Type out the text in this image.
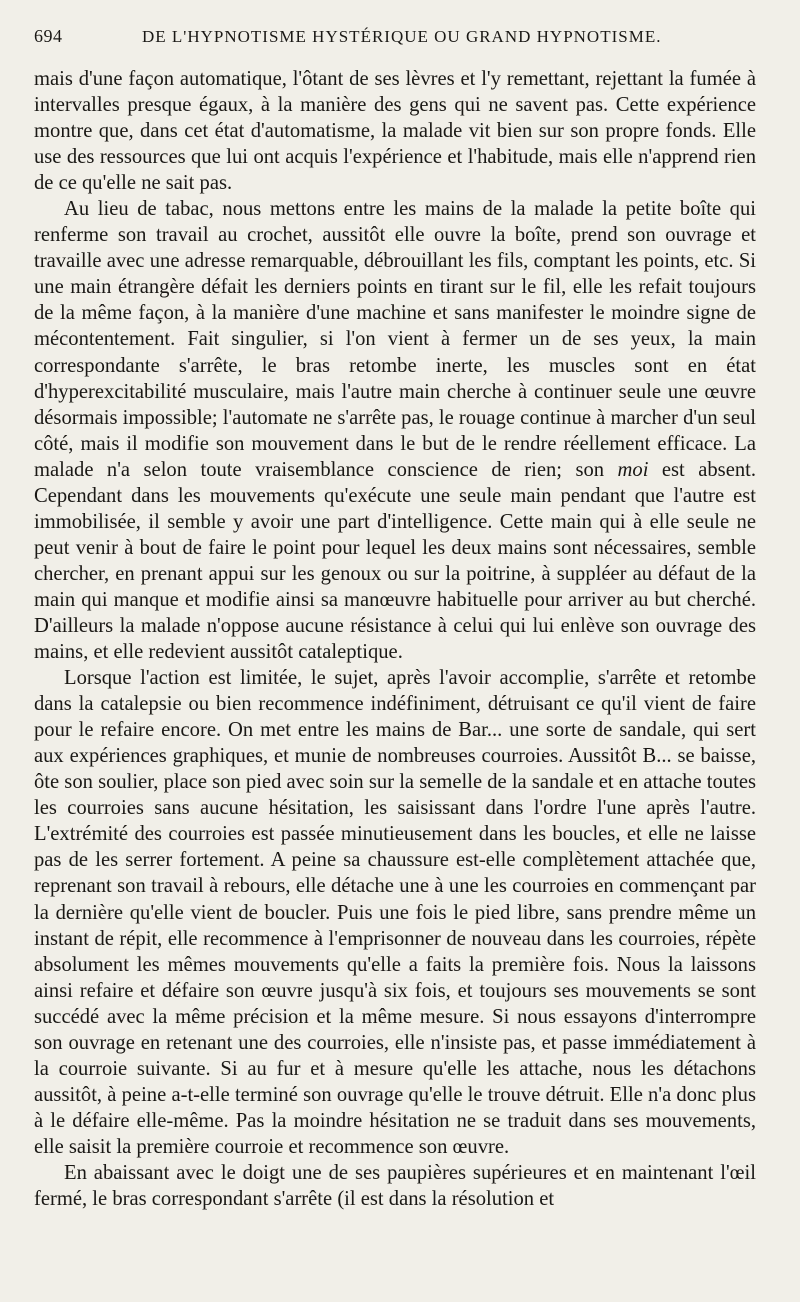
694	DE L'HYPNOTISME HYSTÉRIQUE OU GRAND HYPNOTISME.

mais d'une façon automatique, l'ôtant de ses lèvres et l'y remettant, rejettant la fumée à intervalles presque égaux, à la manière des gens qui ne savent pas. Cette expérience montre que, dans cet état d'automatisme, la malade vit bien sur son propre fonds. Elle use des ressources que lui ont acquis l'expérience et l'habitude, mais elle n'apprend rien de ce qu'elle ne sait pas.

Au lieu de tabac, nous mettons entre les mains de la malade la petite boîte qui renferme son travail au crochet, aussitôt elle ouvre la boîte, prend son ouvrage et travaille avec une adresse remarquable, débrouillant les fils, comptant les points, etc. Si une main étrangère défait les derniers points en tirant sur le fil, elle les refait toujours de la même façon, à la manière d'une machine et sans manifester le moindre signe de mécontentement. Fait singulier, si l'on vient à fermer un de ses yeux, la main correspondante s'arrête, le bras retombe inerte, les muscles sont en état d'hyperexcitabilité musculaire, mais l'autre main cherche à continuer seule une œuvre désormais impossible; l'automate ne s'arrête pas, le rouage continue à marcher d'un seul côté, mais il modifie son mouvement dans le but de le rendre réellement efficace. La malade n'a selon toute vraisemblance conscience de rien; son moi est absent. Cependant dans les mouvements qu'exécute une seule main pendant que l'autre est immobilisée, il semble y avoir une part d'intelligence. Cette main qui à elle seule ne peut venir à bout de faire le point pour lequel les deux mains sont nécessaires, semble chercher, en prenant appui sur les genoux ou sur la poitrine, à suppléer au défaut de la main qui manque et modifie ainsi sa manœuvre habituelle pour arriver au but cherché. D'ailleurs la malade n'oppose aucune résistance à celui qui lui enlève son ouvrage des mains, et elle redevient aussitôt cataleptique.

Lorsque l'action est limitée, le sujet, après l'avoir accomplie, s'arrête et retombe dans la catalepsie ou bien recommence indéfiniment, détruisant ce qu'il vient de faire pour le refaire encore. On met entre les mains de Bar... une sorte de sandale, qui sert aux expériences graphiques, et munie de nombreuses courroies. Aussitôt B... se baisse, ôte son soulier, place son pied avec soin sur la semelle de la sandale et en attache toutes les courroies sans aucune hésitation, les saisissant dans l'ordre l'une après l'autre. L'extrémité des courroies est passée minutieusement dans les boucles, et elle ne laisse pas de les serrer fortement. A peine sa chaussure est-elle complètement attachée que, reprenant son travail à rebours, elle détache une à une les courroies en commençant par la dernière qu'elle vient de boucler. Puis une fois le pied libre, sans prendre même un instant de répit, elle recommence à l'emprisonner de nouveau dans les courroies, répète absolument les mêmes mouvements qu'elle a faits la première fois. Nous la laissons ainsi refaire et défaire son œuvre jusqu'à six fois, et toujours ses mouvements se sont succédé avec la même précision et la même mesure. Si nous essayons d'interrompre son ouvrage en retenant une des courroies, elle n'insiste pas, et passe immédiatement à la courroie suivante. Si au fur et à mesure qu'elle les attache, nous les détachons aussitôt, à peine a-t-elle terminé son ouvrage qu'elle le trouve détruit. Elle n'a donc plus à le défaire elle-même. Pas la moindre hésitation ne se traduit dans ses mouvements, elle saisit la première courroie et recommence son œuvre.

En abaissant avec le doigt une de ses paupières supérieures et en maintenant l'œil fermé, le bras correspondant s'arrête (il est dans la résolution et
